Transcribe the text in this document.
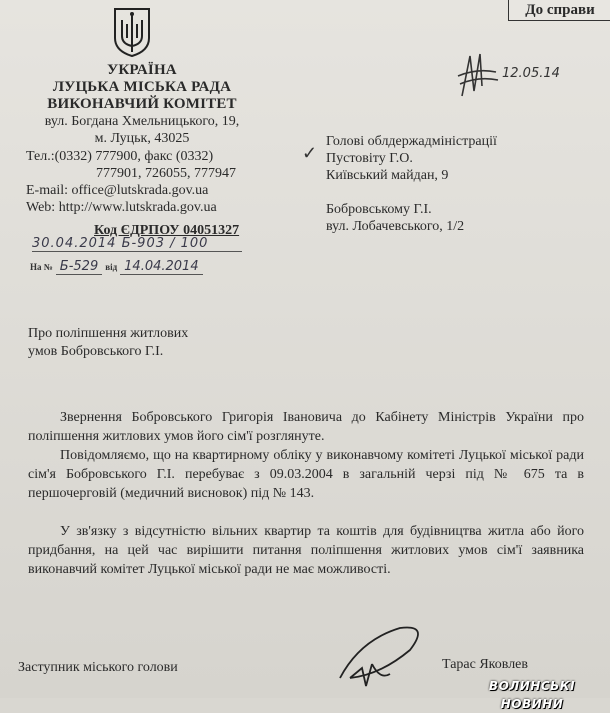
До справи
УКРАЇНА
ЛУЦЬКА МІСЬКА РАДА
ВИКОНАВЧИЙ КОМІТЕТ
вул. Богдана Хмельницького, 19,
м. Луцьк, 43025
Тел.:(0332) 777900, факс (0332)
777901, 726055, 777947
E-mail: office@lutskrada.gov.ua
Web: http://www.lutskrada.gov.ua
Код ЄДРПОУ 04051327
30.04.2014 Б-903 / 100
На № Б-529 від 14.04.2014
12.05.14
✓
Голові облдержадміністрації
Пустовіту Г.О.
Київський майдан, 9
Бобровському Г.І.
вул. Лобачевського, 1/2
Про поліпшення житлових
умов Бобровського Г.І.

Звернення Бобровського Григорія Івановича до Кабінету Міністрів України про поліпшення житлових умов його сім'ї розглянуте.

Повідомляємо, що на квартирному обліку у виконавчому комітеті Луцької міської ради сім'я Бобровського Г.І. перебуває з 09.03.2004 в загальній черзі під № 675 та в першочерговій (медичний висновок) під № 143.

У зв'язку з відсутністю вільних квартир та коштів для будівництва житла або його придбання, на цей час вирішити питання поліпшення житлових умов сім'ї заявника виконавчий комітет Луцької міської ради не має можливості.

Заступник міського голови	Тарас Яковлев
ВОЛИНСЬКІ НОВИНИ
